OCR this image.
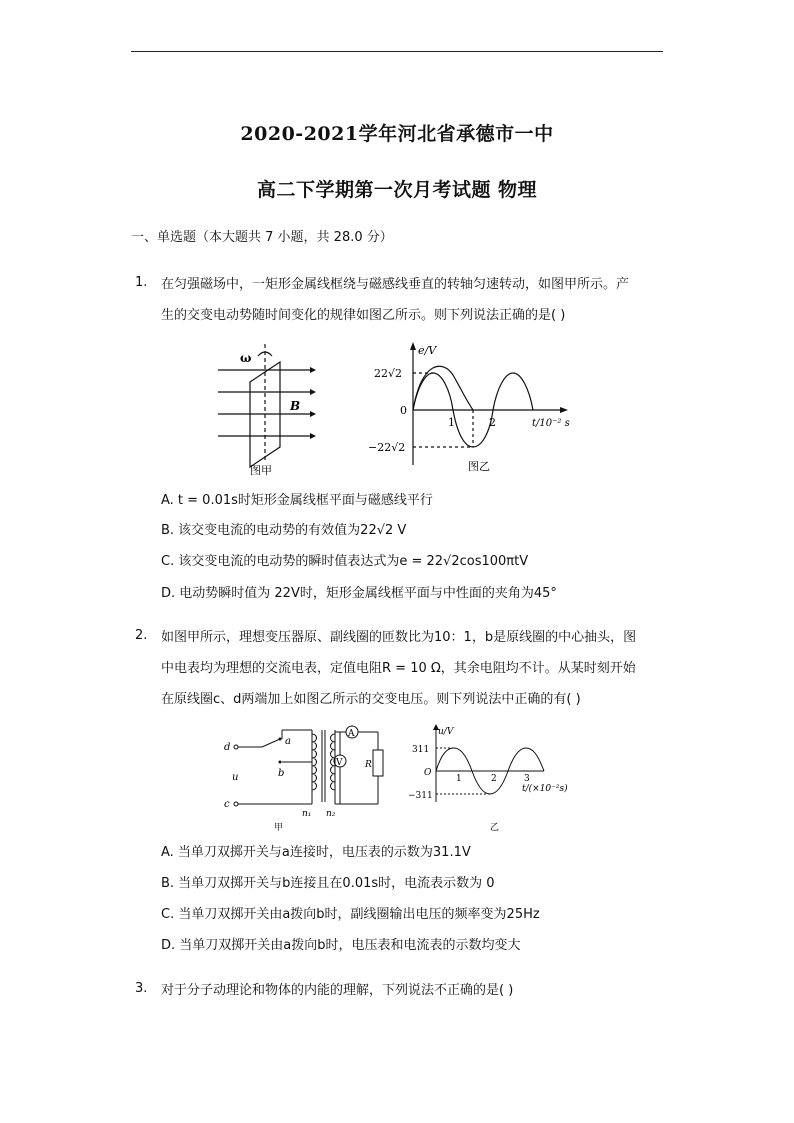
2020-2021学年河北省承德市一中
高二下学期第一次月考试题 物理
一、单选题（本大题共 7 小题，共 28.0 分）
1. 在匀强磁场中，一矩形金属线框绕与磁感线垂直的转轴匀速转动，如图甲所示。产
生的交变电动势随时间变化的规律如图乙所示。则下列说法正确的是( )
ω
B
图甲
e/V
22√2
−22√2
0
1	2	t/10⁻² s
图乙
A. t = 0.01s时矩形金属线框平面与磁感线平行
B. 该交变电流的电动势的有效值为22√2 V
C. 该交变电流的电动势的瞬时值表达式为e = 22√2cos100πtV
D. 电动势瞬时值为 22V时，矩形金属线框平面与中性面的夹角为45°
2. 如图甲所示，理想变压器原、副线圈的匝数比为10：1，b是原线圈的中心抽头，图
中电表均为理想的交流电表，定值电阻R = 10 Ω，其余电阻均不计。从某时刻开始
在原线圈c、d两端加上如图乙所示的交变电压。则下列说法中正确的有( )
d
a
u	b
c
n₁ n₂
A
V	R
甲
u/V
311
−311
O
1	2	3
t/(×10⁻²s)
乙
A. 当单刀双掷开关与a连接时，电压表的示数为31.1V
B. 当单刀双掷开关与b连接且在0.01s时，电流表示数为 0
C. 当单刀双掷开关由a拨向b时，副线圈输出电压的频率变为25Hz
D. 当单刀双掷开关由a拨向b时，电压表和电流表的示数均变大
3. 对于分子动理论和物体的内能的理解，下列说法不正确的是( )
